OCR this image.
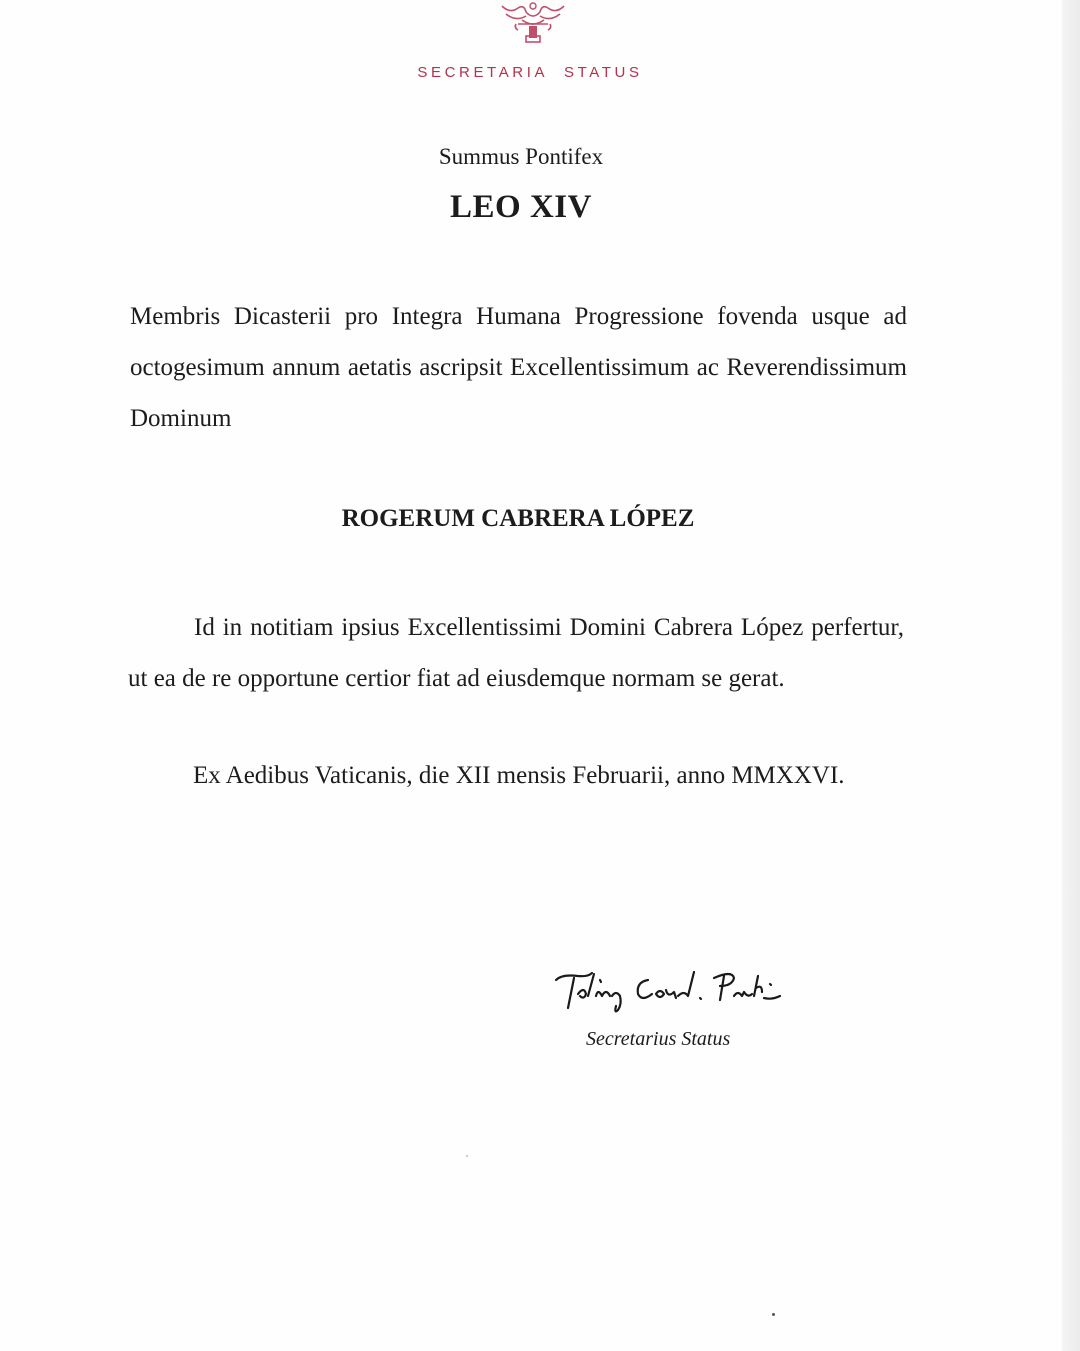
SECRETARIA STATUS
Summus Pontifex
LEO XIV

Membris Dicasterii pro Integra Humana Progressione fovenda usque ad octogesimum annum aetatis ascripsit Excellentissimum ac Reverendissimum Dominum

ROGERUM CABRERA LÓPEZ

Id in notitiam ipsius Excellentissimi Domini Cabrera López perfertur, ut ea de re opportune certior fiat ad eiusdemque normam se gerat.

Ex Aedibus Vaticanis, die XII mensis Februarii, anno MMXXVI.
Secretarius Status
